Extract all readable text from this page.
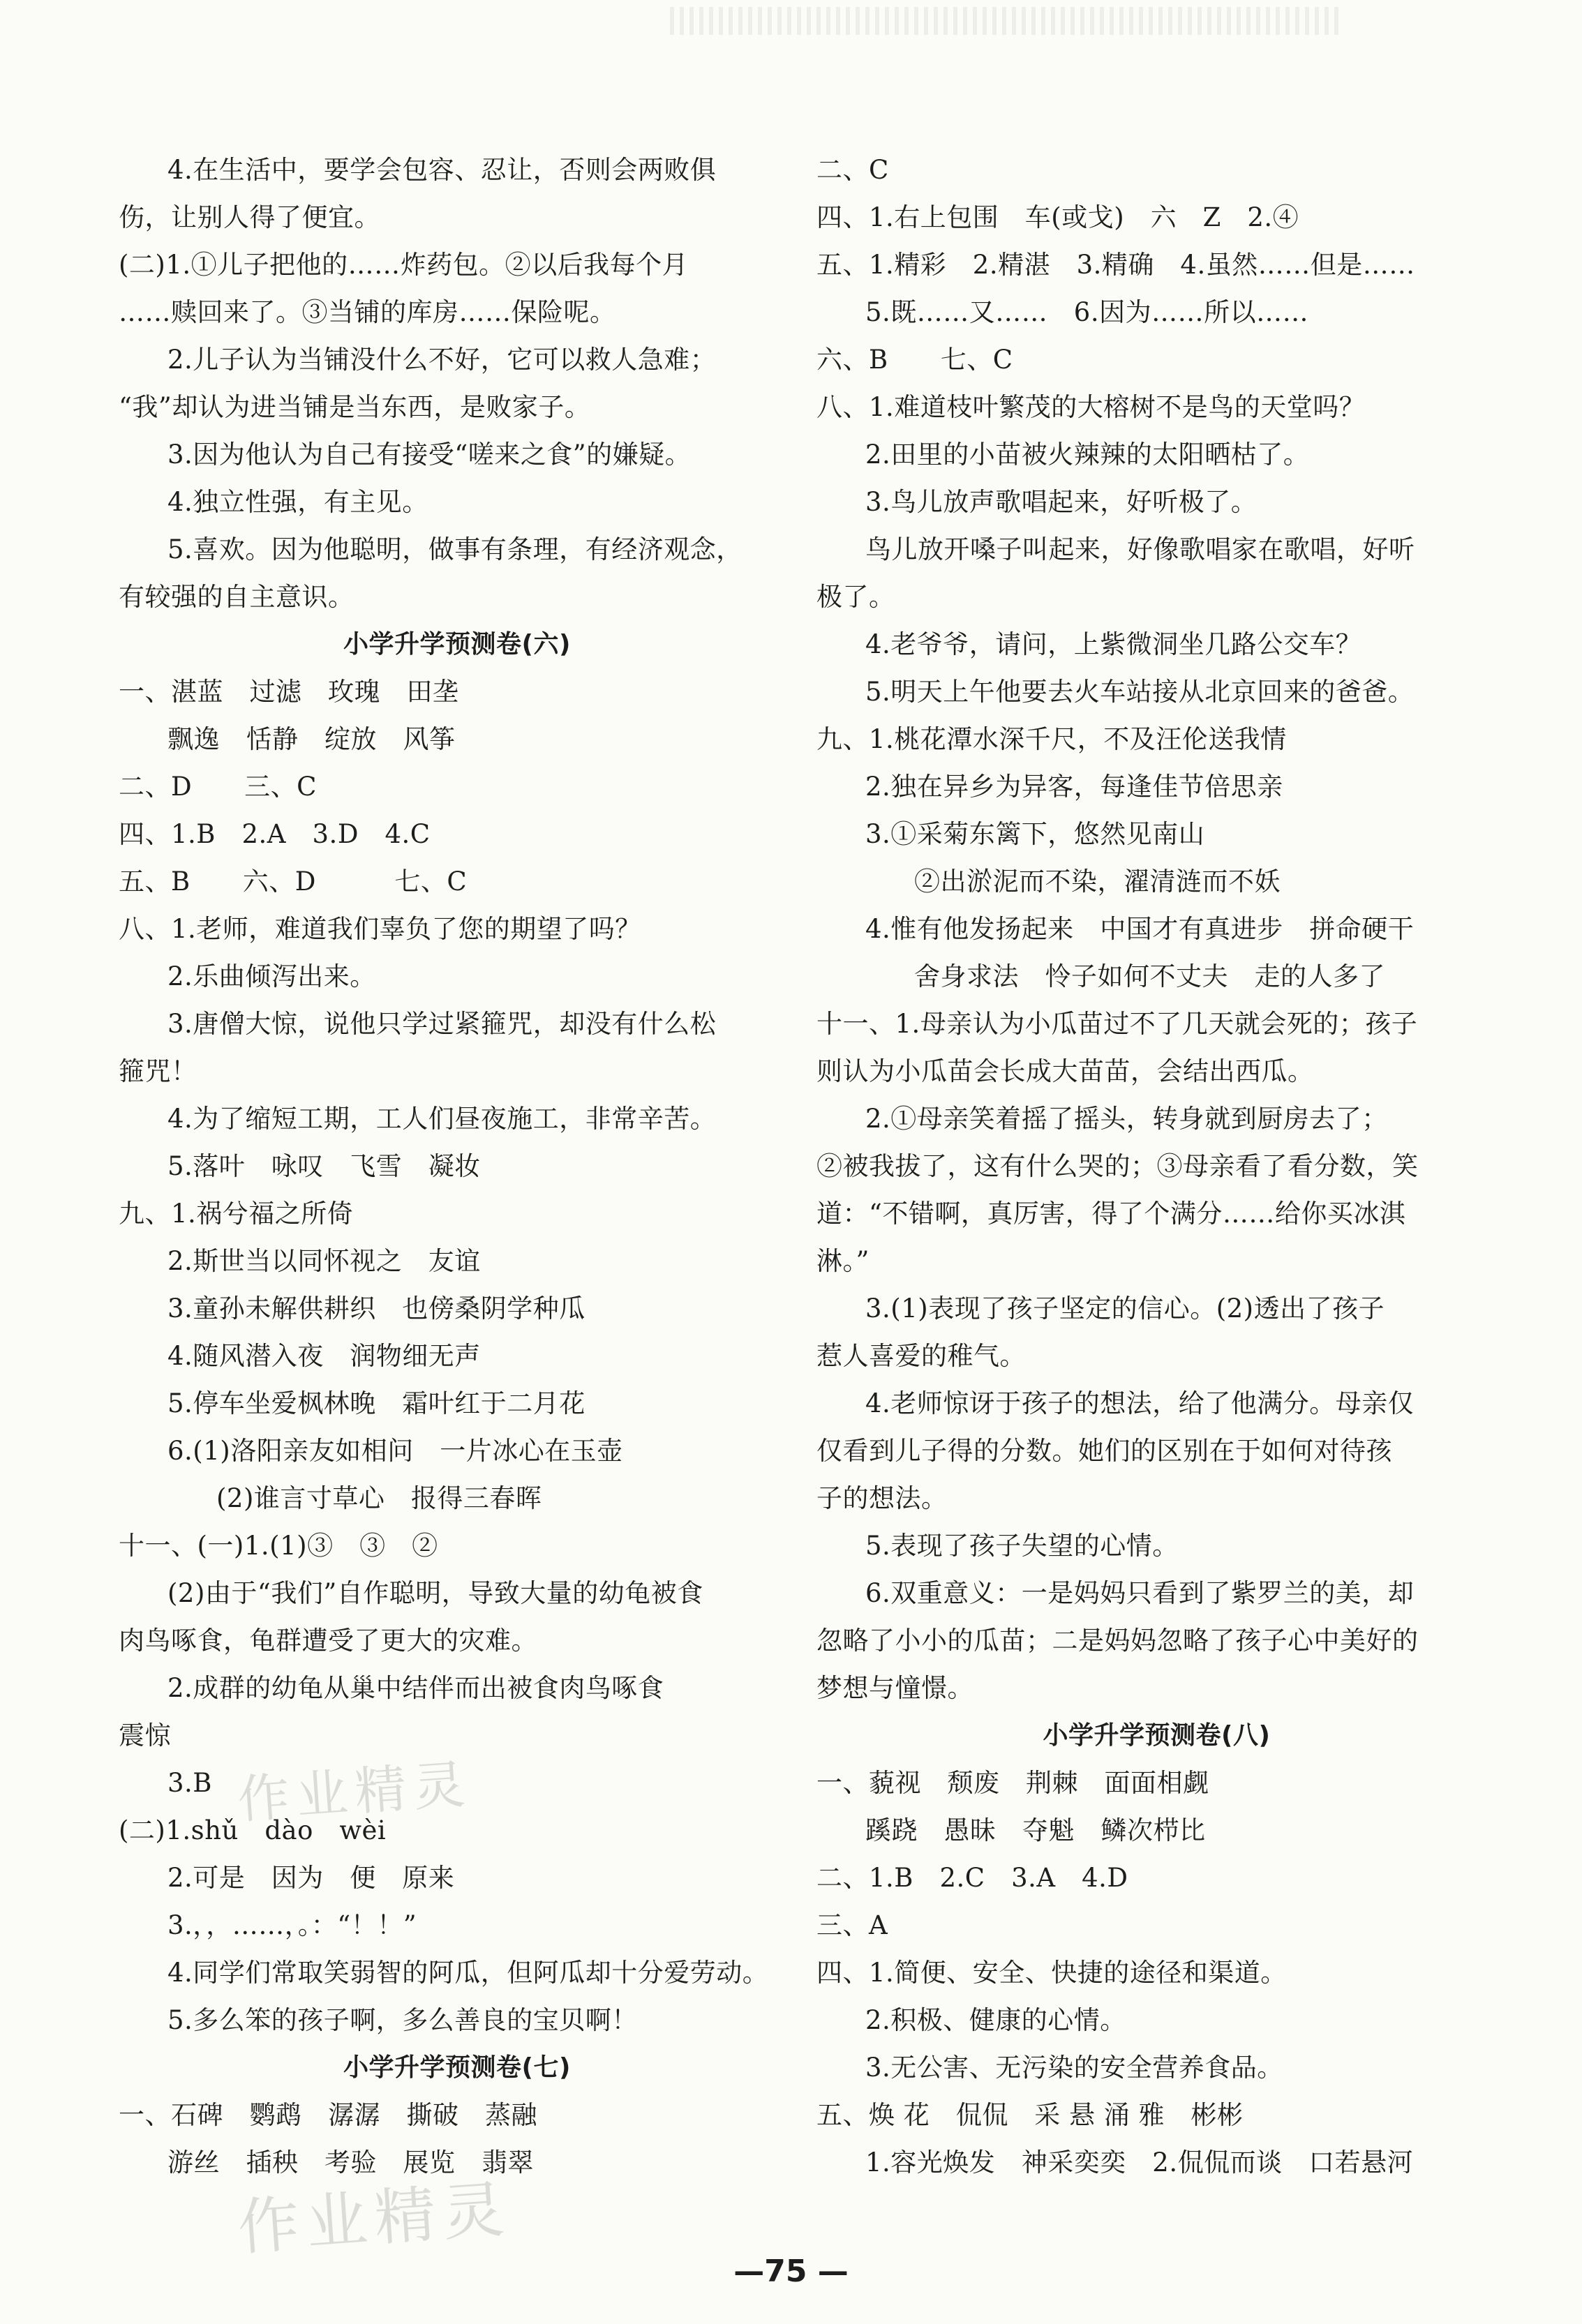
4.在生活中，要学会包容、忍让，否则会两败俱
伤，让别人得了便宜。
(二)1.①儿子把他的……炸药包。②以后我每个月
……赎回来了。③当铺的库房……保险呢。
2.儿子认为当铺没什么不好，它可以救人急难；
“我”却认为进当铺是当东西，是败家子。
3.因为他认为自己有接受“嗟来之食”的嫌疑。
4.独立性强，有主见。
5.喜欢。因为他聪明，做事有条理，有经济观念，
有较强的自主意识。
小学升学预测卷(六)
一、湛蓝　过滤　玫瑰　田垄
飘逸　恬静　绽放　风筝
二、D　　三、C
四、1.B　2.A　3.D　4.C
五、B　　六、D　　　七、C
八、1.老师，难道我们辜负了您的期望了吗？
2.乐曲倾泻出来。
3.唐僧大惊，说他只学过紧箍咒，却没有什么松
箍咒！
4.为了缩短工期，工人们昼夜施工，非常辛苦。
5.落叶　咏叹　飞雪　凝妆
九、1.祸兮福之所倚
2.斯世当以同怀视之　友谊
3.童孙未解供耕织　也傍桑阴学种瓜
4.随风潜入夜　润物细无声
5.停车坐爱枫林晚　霜叶红于二月花
6.(1)洛阳亲友如相问　一片冰心在玉壶
(2)谁言寸草心　报得三春晖
十一、(一)1.(1)③　③　②
(2)由于“我们”自作聪明，导致大量的幼龟被食
肉鸟啄食，龟群遭受了更大的灾难。
2.成群的幼龟从巢中结伴而出被食肉鸟啄食
震惊
3.B
(二)1.shǔ　dào　wèi
2.可是　因为　便　原来
3.，，……，。：“！！”
4.同学们常取笑弱智的阿瓜，但阿瓜却十分爱劳动。
5.多么笨的孩子啊，多么善良的宝贝啊！
小学升学预测卷(七)
一、石碑　鹦鹉　潺潺　撕破　蒸融
游丝　插秧　考验　展览　翡翠
二、C
四、1.右上包围　车(或戈)　六　Z　2.④
五、1.精彩　2.精湛　3.精确　4.虽然……但是……
5.既……又……　6.因为……所以……
六、B　　七、C
八、1.难道枝叶繁茂的大榕树不是鸟的天堂吗？
2.田里的小苗被火辣辣的太阳晒枯了。
3.鸟儿放声歌唱起来，好听极了。
鸟儿放开嗓子叫起来，好像歌唱家在歌唱，好听
极了。
4.老爷爷，请问，上紫微洞坐几路公交车？
5.明天上午他要去火车站接从北京回来的爸爸。
九、1.桃花潭水深千尺，不及汪伦送我情
2.独在异乡为异客，每逢佳节倍思亲
3.①采菊东篱下，悠然见南山
②出淤泥而不染，濯清涟而不妖
4.惟有他发扬起来　中国才有真进步　拼命硬干
舍身求法　怜子如何不丈夫　走的人多了
十一、1.母亲认为小瓜苗过不了几天就会死的；孩子
则认为小瓜苗会长成大苗苗，会结出西瓜。
2.①母亲笑着摇了摇头，转身就到厨房去了；
②被我拔了，这有什么哭的；③母亲看了看分数，笑
道：“不错啊，真厉害，得了个满分……给你买冰淇
淋。”
3.(1)表现了孩子坚定的信心。(2)透出了孩子
惹人喜爱的稚气。
4.老师惊讶于孩子的想法，给了他满分。母亲仅
仅看到儿子得的分数。她们的区别在于如何对待孩
子的想法。
5.表现了孩子失望的心情。
6.双重意义：一是妈妈只看到了紫罗兰的美，却
忽略了小小的瓜苗；二是妈妈忽略了孩子心中美好的
梦想与憧憬。
小学升学预测卷(八)
一、藐视　颓废　荆棘　面面相觑
蹊跷　愚昧　夺魁　鳞次栉比
二、1.B　2.C　3.A　4.D
三、A
四、1.简便、安全、快捷的途径和渠道。
2.积极、健康的心情。
3.无公害、无污染的安全营养食品。
五、焕 花　侃侃　采 悬 涌 雅　彬彬
1.容光焕发　神采奕奕　2.侃侃而谈　口若悬河
作业精灵
作业精灵
—75 —
